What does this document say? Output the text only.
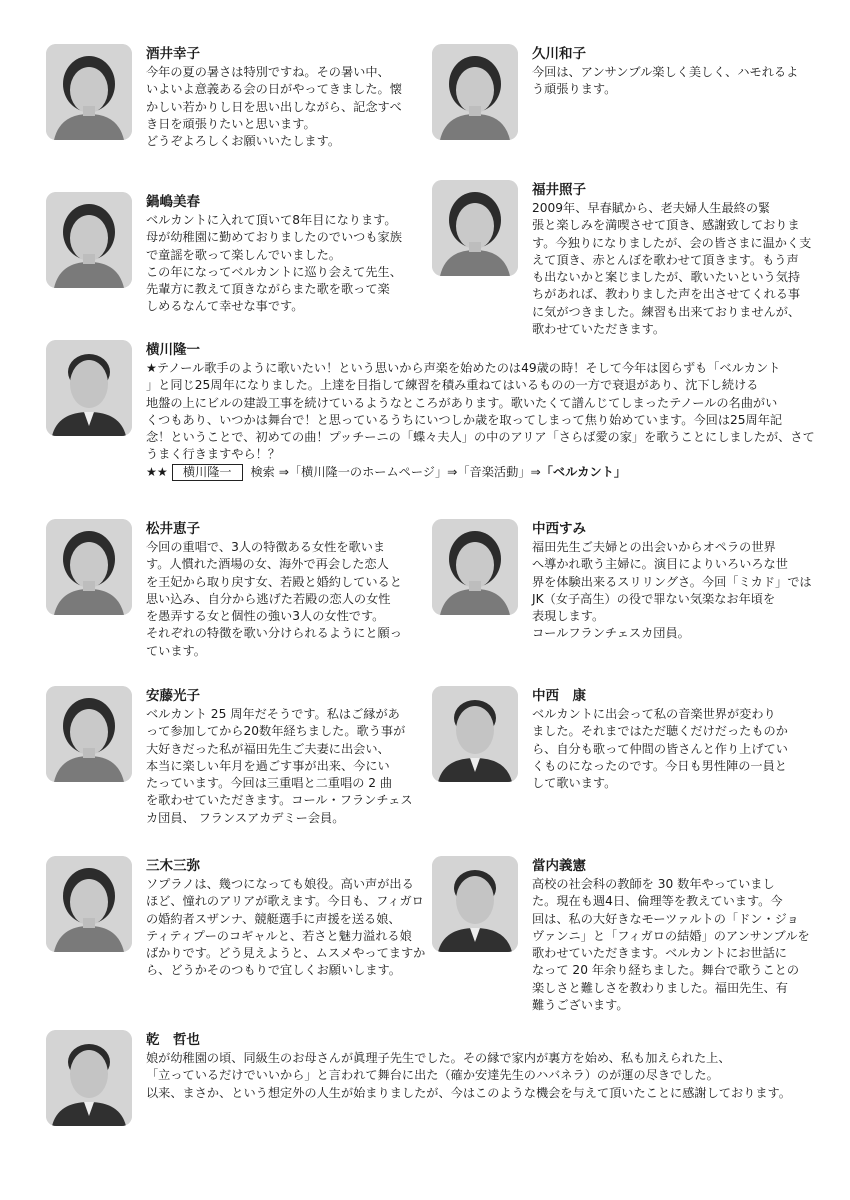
酒井幸子
今年の夏の暑さは特別ですね。その暑い中、
いよいよ意義ある会の日がやってきました。懐
かしい若かりし日を思い出しながら、記念すべ
き日を頑張りたいと思います。
どうぞよろしくお願いいたします。
久川和子
今回は、アンサンブル楽しく美しく、ハモれるよ
う頑張ります。
鍋嶋美春
ベルカントに入れて頂いて8年目になります。
母が幼稚園に勤めておりましたのでいつも家族
で童謡を歌って楽しんでいました。
この年になってベルカントに巡り会えて先生、
先輩方に教えて頂きながらまた歌を歌って楽
しめるなんて幸せな事です。
福井照子
2009年、早春賦から、老夫婦人生最終の緊
張と楽しみを満喫させて頂き、感謝致しておりま
す。今独りになりましたが、会の皆さまに温かく支
えて頂き、赤とんぼを歌わせて頂きます。もう声
も出ないかと案じましたが、歌いたいという気持
ちがあれば、教わりました声を出させてくれる事
に気がつきました。練習も出来ておりませんが、
歌わせていただきます。
横川隆一
★テノール歌手のように歌いたい！という思いから声楽を始めたのは49歳の時！そして今年は図らずも「ベルカント
」と同じ25周年になりました。上達を目指して練習を積み重ねてはいるものの一方で衰退があり、沈下し続ける
地盤の上にビルの建設工事を続けているようなところがあります。歌いたくて譜んじてしまったテノールの名曲がい
くつもあり、いつかは舞台で！と思っているうちにいつしか歳を取ってしまって焦り始めています。今回は25周年記
念！ということで、初めての曲！プッチーニの「蝶々夫人」の中のアリア「さらば愛の家」を歌うことにしましたが、さて
うまく行きますやら！？
★★ 横川隆一 検索 ⇒「横川隆一のホームページ」⇒「音楽活動」⇒「ベルカント」
松井恵子
今回の重唱で、3人の特徴ある女性を歌いま
す。人慣れた酒場の女、海外で再会した恋人
を王妃から取り戻す女、若殿と婚約していると
思い込み、自分から逃げた若殿の恋人の女性
を愚弄する女と個性の強い3人の女性です。
それぞれの特徴を歌い分けられるようにと願っ
ています。
中西すみ
福田先生ご夫婦との出会いからオペラの世界
へ導かれ歌う主婦に。演目によりいろいろな世
界を体験出来るスリリングさ。今回「ミカド」では
JK（女子高生）の役で罪ない気楽なお年頃を
表現します。
コールフランチェスカ団員。
安藤光子
ベルカント 25 周年だそうです。私はご縁があ
って参加してから20数年経ちました。歌う事が
大好きだった私が福田先生ご夫妻に出会い、
本当に楽しい年月を過ごす事が出来、今にい
たっています。今回は三重唱と二重唱の 2 曲
を歌わせていただきます。コール・フランチェス
カ団員、 フランスアカデミー会員。
中西　康
ベルカントに出会って私の音楽世界が変わり
ました。それまではただ聴くだけだったものか
ら、自分も歌って仲間の皆さんと作り上げてい
くものになったのです。今日も男性陣の一員と
して歌います。
三木三弥
ソプラノは、幾つになっても娘役。高い声が出る
ほど、憧れのアリアが歌えます。今日も、フィガロ
の婚約者スザンナ、競艇選手に声援を送る娘、
ティティプーのコギャルと、若さと魅力溢れる娘
ばかりです。どう見えようと、ムスメやってますか
ら、どうかそのつもりで宜しくお願いします。
當内義憲
高校の社会科の教師を 30 数年やっていまし
た。現在も週4日、倫理等を教えています。今
回は、私の大好きなモーツァルトの「ドン・ジョ
ヴァンニ」と「フィガロの結婚」のアンサンブルを
歌わせていただきます。ベルカントにお世話に
なって 20 年余り経ちました。舞台で歌うことの
楽しさと難しさを教わりました。福田先生、有
難うございます。
乾　哲也
娘が幼稚園の頃、同級生のお母さんが眞理子先生でした。その縁で家内が裏方を始め、私も加えられた上、
「立っているだけでいいから」と言われて舞台に出た（確か安達先生のハバネラ）のが運の尽きでした。
以来、まさか、という想定外の人生が始まりましたが、今はこのような機会を与えて頂いたことに感謝しております。
